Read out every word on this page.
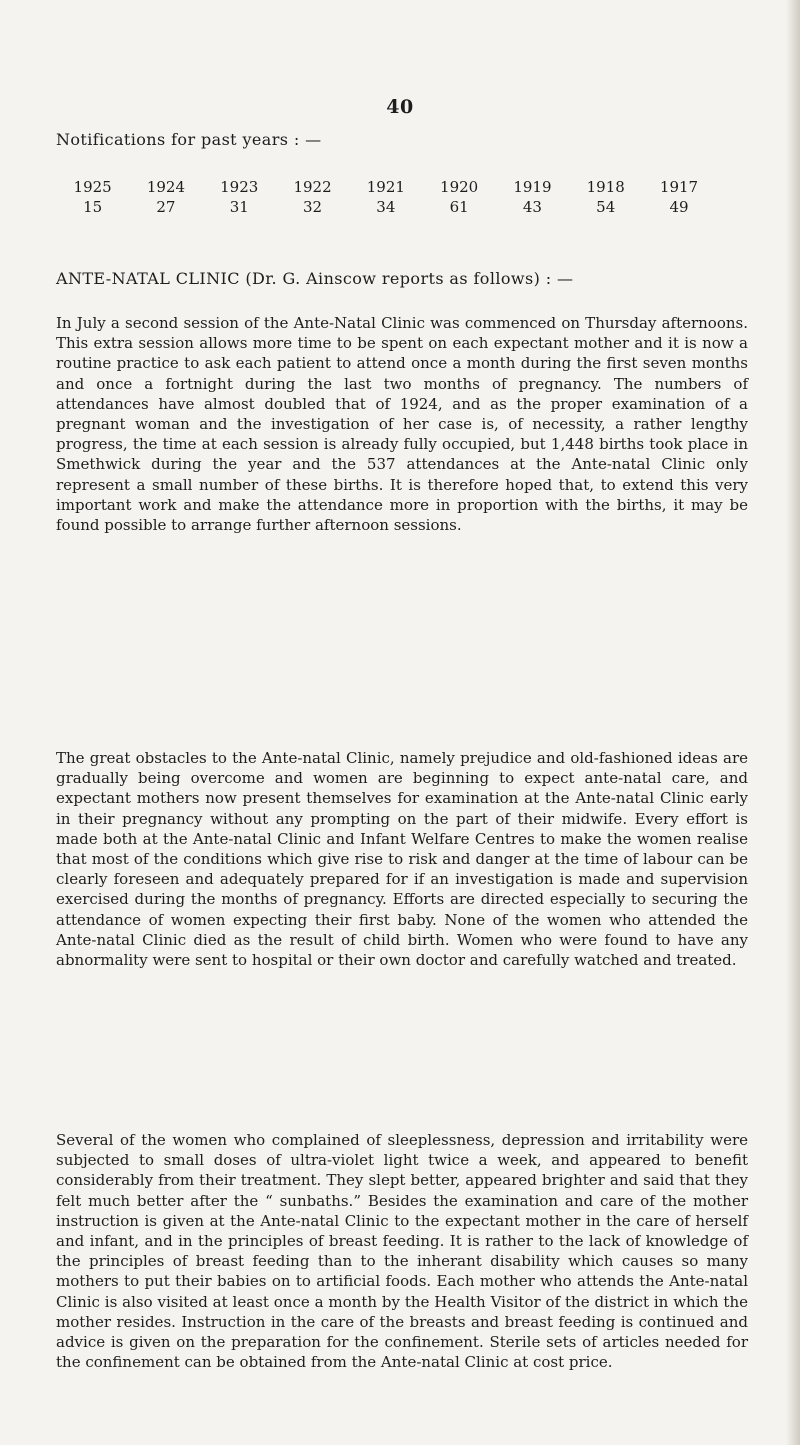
40
Notifications for past years : —
1925	1924	1923	1922	1921	1920	1919	1918	1917
15	27	31	32	34	61	43	54	49
ANTE-NATAL CLINIC (Dr. G. Ainscow reports as follows) : —

In July a second session of the Ante-Natal Clinic was commenced on Thursday afternoons. This extra session allows more time to be spent on each expectant mother and it is now a routine practice to ask each patient to attend once a month during the first seven months and once a fortnight during the last two months of pregnancy. The numbers of attendances have almost doubled that of 1924, and as the proper examination of a pregnant woman and the investigation of her case is, of necessity, a rather lengthy progress, the time at each session is already fully occupied, but 1,448 births took place in Smethwick during the year and the 537 attendances at the Ante-natal Clinic only represent a small number of these births. It is therefore hoped that, to extend this very important work and make the attendance more in proportion with the births, it may be found possible to arrange further afternoon sessions.

The great obstacles to the Ante-natal Clinic, namely prejudice and old-fashioned ideas are gradually being overcome and women are beginning to expect ante-natal care, and expectant mothers now present themselves for examination at the Ante-natal Clinic early in their pregnancy without any prompting on the part of their midwife. Every effort is made both at the Ante-natal Clinic and Infant Welfare Centres to make the women realise that most of the conditions which give rise to risk and danger at the time of labour can be clearly foreseen and adequately prepared for if an investigation is made and supervision exercised during the months of pregnancy. Efforts are directed especially to securing the attendance of women expecting their first baby. None of the women who attended the Ante-natal Clinic died as the result of child birth. Women who were found to have any abnormality were sent to hospital or their own doctor and carefully watched and treated.

Several of the women who complained of sleeplessness, depression and irritability were subjected to small doses of ultra-violet light twice a week, and appeared to benefit considerably from their treatment. They slept better, appeared brighter and said that they felt much better after the “ sunbaths.” Besides the examination and care of the mother instruction is given at the Ante-natal Clinic to the expectant mother in the care of herself and infant, and in the principles of breast feeding. It is rather to the lack of knowledge of the principles of breast feeding than to the inherant disability which causes so many mothers to put their babies on to artificial foods. Each mother who attends the Ante-natal Clinic is also visited at least once a month by the Health Visitor of the district in which the mother resides. Instruction in the care of the breasts and breast feeding is continued and advice is given on the preparation for the confinement. Sterile sets of articles needed for the confinement can be obtained from the Ante-natal Clinic at cost price.
